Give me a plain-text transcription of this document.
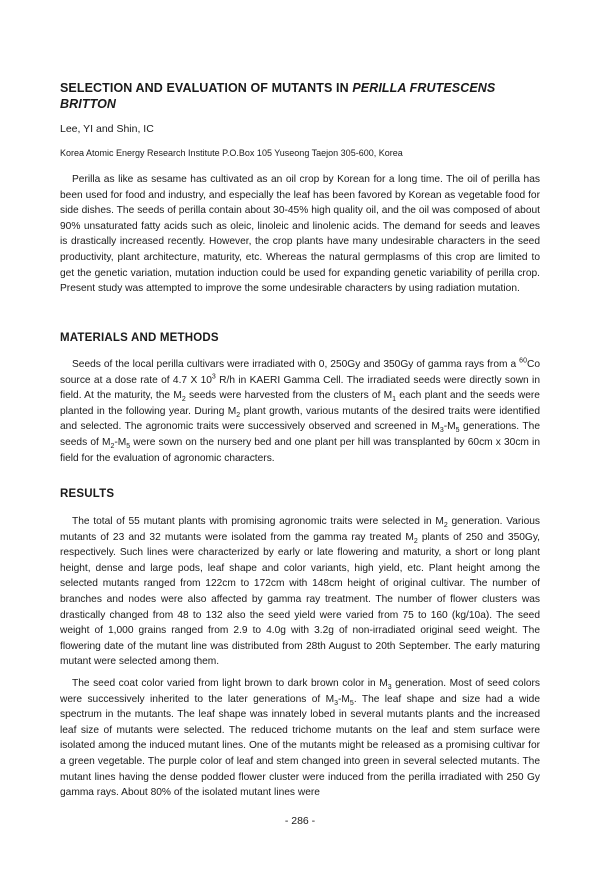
SELECTION AND EVALUATION OF MUTANTS IN PERILLA FRUTESCENS BRITTON
Lee, YI and Shin, IC
Korea Atomic Energy Research Institute P.O.Box 105 Yuseong Taejon 305-600, Korea

Perilla as like as sesame has cultivated as an oil crop by Korean for a long time. The oil of perilla has been used for food and industry, and especially the leaf has been favored by Korean as vegetable food for side dishes. The seeds of perilla contain about 30-45% high quality oil, and the oil was composed of about 90% unsaturated fatty acids such as oleic, linoleic and linolenic acids. The demand for seeds and leaves is drastically increased recently. However, the crop plants have many undesirable characters in the seed productivity, plant architecture, maturity, etc. Whereas the natural germplasms of this crop are limited to get the genetic variation, mutation induction could be used for expanding genetic variability of perilla crop. Present study was attempted to improve the some undesirable characters by using radiation mutation.

MATERIALS AND METHODS

Seeds of the local perilla cultivars were irradiated with 0, 250Gy and 350Gy of gamma rays from a $^{60}$Co source at a dose rate of 4.7 X $10^3$ R/h in KAERI Gamma Cell. The irradiated seeds were directly sown in field. At the maturity, the $M_2$ seeds were harvested from the clusters of $M_1$ each plant and the seeds were planted in the following year. During $M_2$ plant growth, various mutants of the desired traits were identified and selected. The agronomic traits were successively observed and screened in $M_3-M_5$ generations. The seeds of $M_2-M_5$ were sown on the nursery bed and one plant per hill was transplanted by 60cm x 30cm in field for the evaluation of agronomic characters.

RESULTS

The total of 55 mutant plants with promising agronomic traits were selected in $M_2$ generation. Various mutants of 23 and 32 mutants were isolated from the gamma ray treated $M_2$ plants of 250 and 350Gy, respectively. Such lines were characterized by early or late flowering and maturity, a short or long plant height, dense and large pods, leaf shape and color variants, high yield, etc. Plant height among the selected mutants ranged from 122cm to 172cm with 148cm height of original cultivar. The number of branches and nodes were also affected by gamma ray treatment. The number of flower clusters was drastically changed from 48 to 132 also the seed yield were varied from 75 to 160 (kg/10a). The seed weight of 1,000 grains ranged from 2.9 to 4.0g with 3.2g of non-irradiated original seed weight. The flowering date of the mutant line was distributed from 28th August to 20th September. The early maturing mutant were selected among them.

The seed coat color varied from light brown to dark brown color in $M_3$ generation. Most of seed colors were successively inherited to the later generations of $M_3-M_5$. The leaf shape and size had a wide spectrum in the mutants. The leaf shape was innately lobed in several mutants plants and the increased leaf size of mutants were selected. The reduced trichome mutants on the leaf and stem surface were isolated among the induced mutant lines. One of the mutants might be released as a promising cultivar for a green vegetable. The purple color of leaf and stem changed into green in several selected mutants. The mutant lines having the dense podded flower cluster were induced from the perilla irradiated with 250 Gy gamma rays. About 80% of the isolated mutant lines were

- 286 -
